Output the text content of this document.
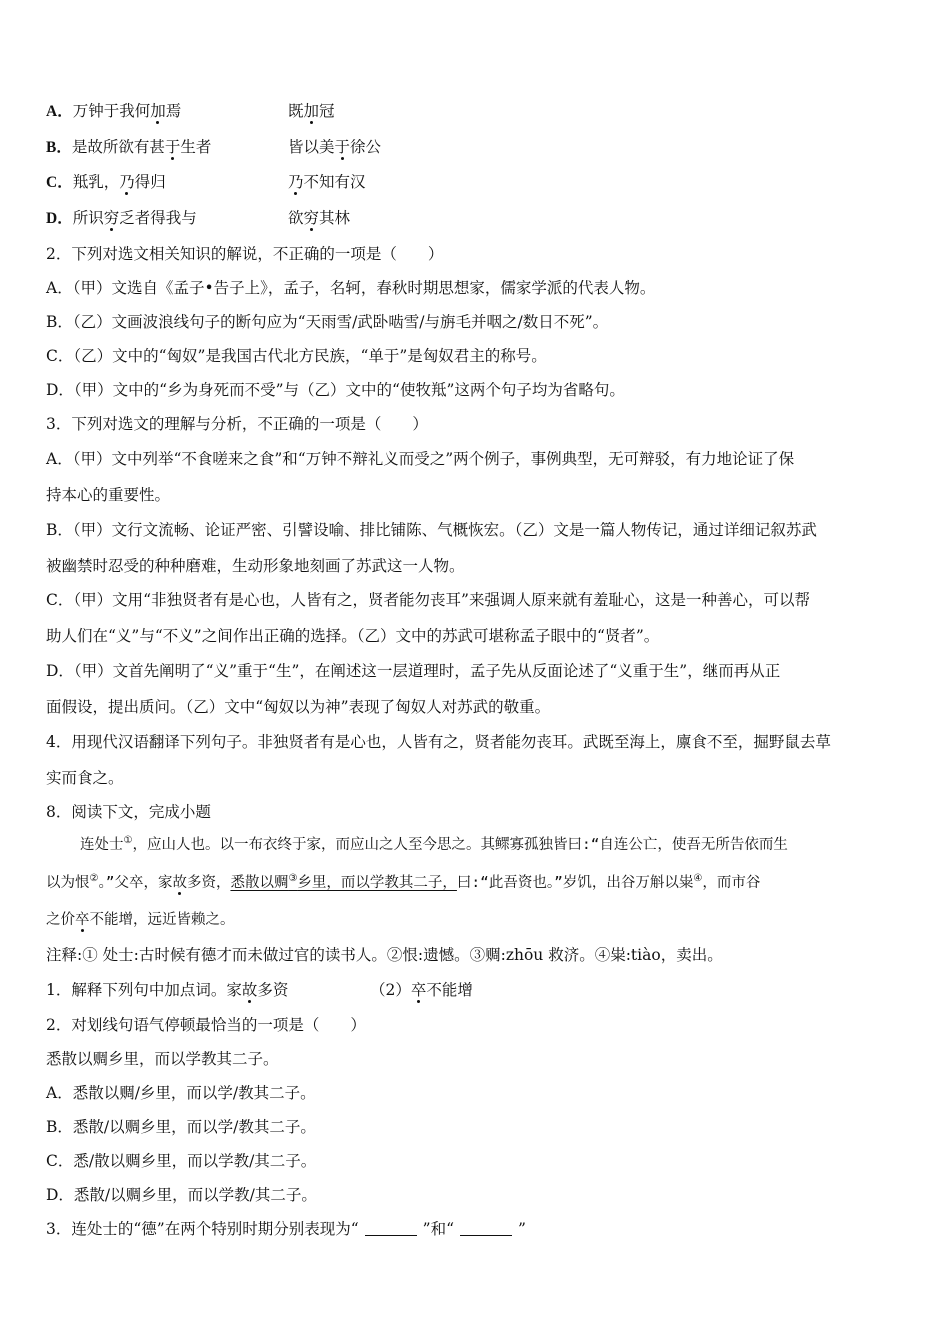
A．万钟于我何加焉	既加冠
B．是故所欲有甚于生者	皆以美于徐公
C．羝乳，乃得归	乃不知有汉
D．所识穷乏者得我与	欲穷其林
2．下列对选文相关知识的解说，不正确的一项是（　　）
A．（甲）文选自《孟子•告子上》，孟子，名轲，春秋时期思想家，儒家学派的代表人物。
B．（乙）文画波浪线句子的断句应为“天雨雪/武卧啮雪/与旃毛并咽之/数日不死”。
C．（乙）文中的“匈奴”是我国古代北方民族，“单于”是匈奴君主的称号。
D．（甲）文中的“乡为身死而不受”与（乙）文中的“使牧羝”这两个句子均为省略句。
3．下列对选文的理解与分析，不正确的一项是（　　）
A．（甲）文中列举“不食嗟来之食”和“万钟不辩礼义而受之”两个例子，事例典型，无可辩驳，有力地论证了保
持本心的重要性。
B．（甲）文行文流畅、论证严密、引譬设喻、排比铺陈、气概恢宏。（乙）文是一篇人物传记，通过详细记叙苏武
被幽禁时忍受的种种磨难，生动形象地刻画了苏武这一人物。
C．（甲）文用“非独贤者有是心也，人皆有之，贤者能勿丧耳”来强调人原来就有羞耻心，这是一种善心，可以帮
助人们在“义”与“不义”之间作出正确的选择。（乙）文中的苏武可堪称孟子眼中的“贤者”。
D．（甲）文首先阐明了“义”重于“生”，在阐述这一层道理时，孟子先从反面论述了“义重于生”，继而再从正
面假设，提出质问。（乙）文中“匈奴以为神”表现了匈奴人对苏武的敬重。
4．用现代汉语翻译下列句子。非独贤者有是心也，人皆有之，贤者能勿丧耳。武既至海上，廪食不至，掘野鼠去草
实而食之。
8．阅读下文，完成小题
连处士①，应山人也。以一布衣终于家，而应山之人至今思之。其鳏寡孤独皆曰:“自连公亡，使吾无所告依而生
以为恨②。”父卒，家故多资，悉散以赒③乡里，而以学教其二子，曰:“此吾资也。”岁饥，出谷万斛以粜④，而市谷
之价卒不能增，远近皆赖之。
注释:① 处士:古时候有德才而未做过官的读书人。②恨:遗憾。③赒:zhōu 救济。④粜:tiào，卖出。
1．解释下列句中加点词。家故多资	（2）卒不能增
2．对划线句语气停顿最恰当的一项是（　　）
悉散以赒乡里，而以学教其二子。
A．悉散以赒/乡里，而以学/教其二子。
B．悉散/以赒乡里，而以学/教其二子。
C．悉/散以赒乡里，而以学教/其二子。
D．悉散/以赒乡里，而以学教/其二子。
3．连处士的“德”在两个特别时期分别表现为“	”和“	”
